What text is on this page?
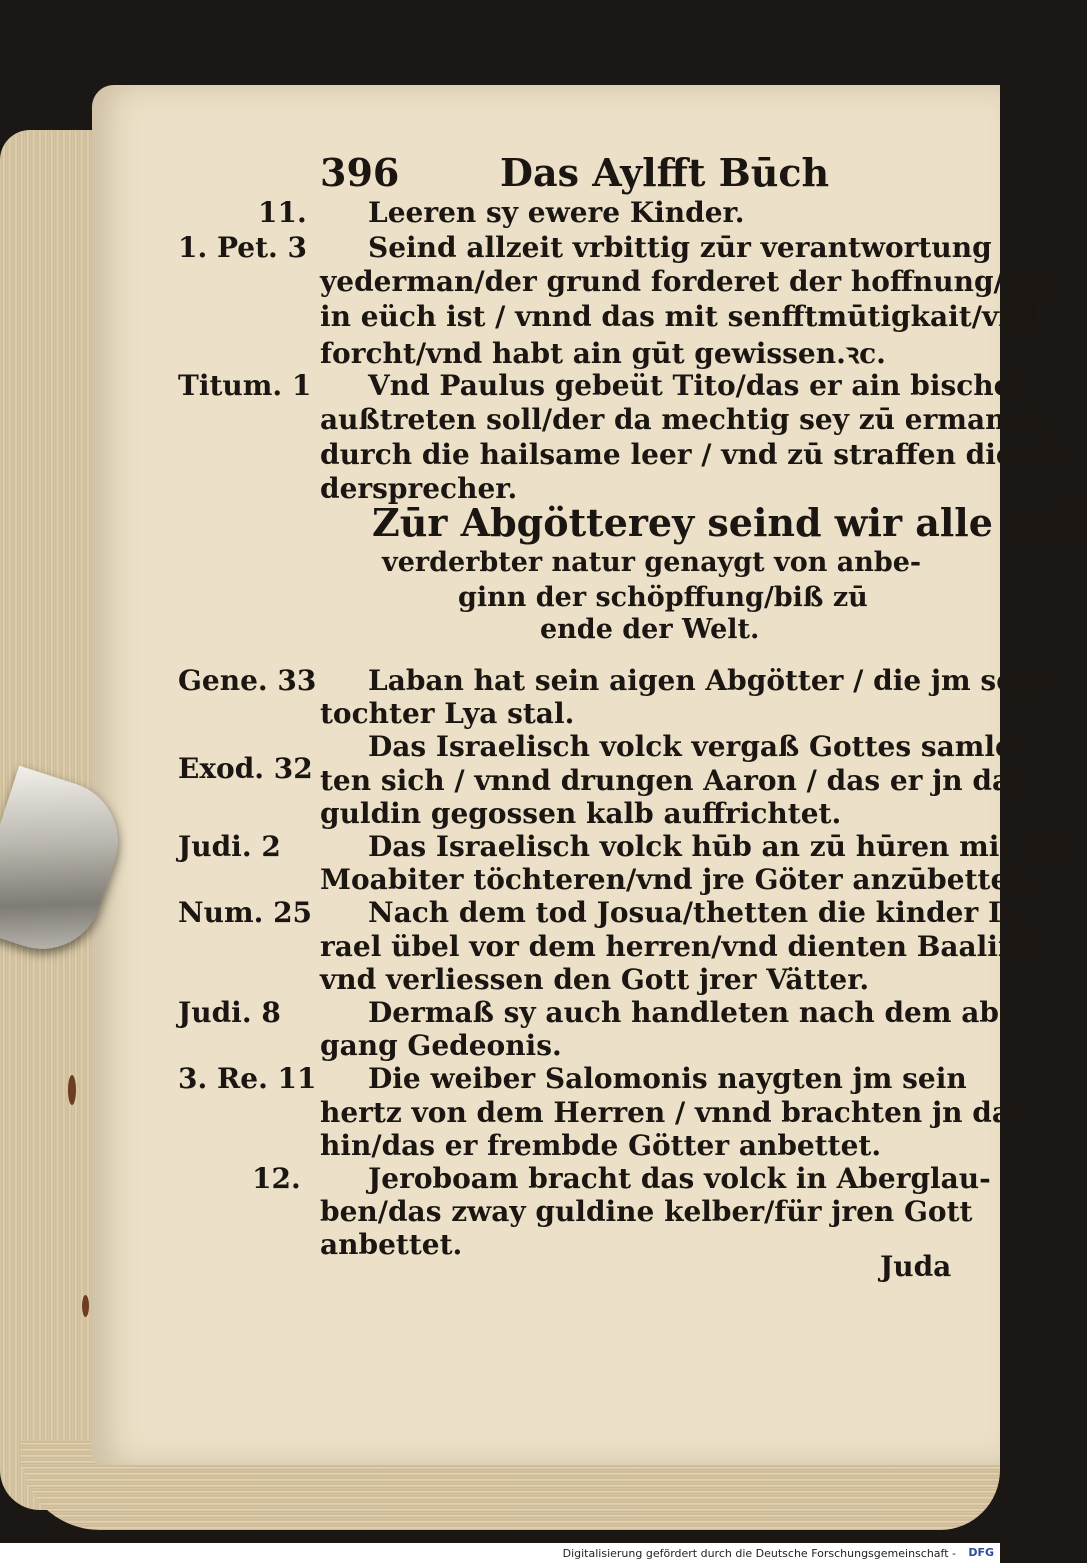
396	Das Aylfft Būch
11. Leeren sy ewere Kinder.
1. Pet. 3 Seind allzeit vrbittig zūr verantwortung
yederman/der grund forderet der hoffnung/die
in eüch ist / vnnd das mit senfftmūtigkait/vnd
forcht/vnd habt ain gūt gewissen.ꝛc.
Titum. 1 Vnd Paulus gebeüt Tito/das er ain bischof
außtreten soll/der da mechtig sey zū ermanen
durch die hailsame leer / vnd zū straffen die wi-
dersprecher.
Zūr Abgötterey seind wir alle auß
verderbter natur genaygt von anbe-
ginn der schöpffung/biß zū
ende der Welt.
Gene. 33 Laban hat sein aigen Abgötter / die jm sein
tochter Lya stal.
Das Israelisch volck vergaß Gottes samle
Exod. 32 ten sich / vnnd drungen Aaron / das er jn das
guldin gegossen kalb auffrichtet.
Judi. 2	Das Israelisch volck hūb an zū hūren mit der
Moabiter töchteren/vnd jre Göter anzūbetten
Num. 25 Nach dem tod Josua/thetten die kinder Is-
rael übel vor dem herren/vnd dienten Baalim/
vnd verliessen den Gott jrer Vätter.
Judi. 8	Dermaß sy auch handleten nach dem ab-
gang Gedeonis.
3. Re. 11 Die weiber Salomonis naygten jm sein
hertz von dem Herren / vnnd brachten jn da-
hin/das er frembde Götter anbettet.
12. Jeroboam bracht das volck in Aberglau-
ben/das zway guldine kelber/für jren Gott
anbettet.
Juda
Digitalisierung gefördert durch die Deutsche Forschungsgemeinschaft - DFG
